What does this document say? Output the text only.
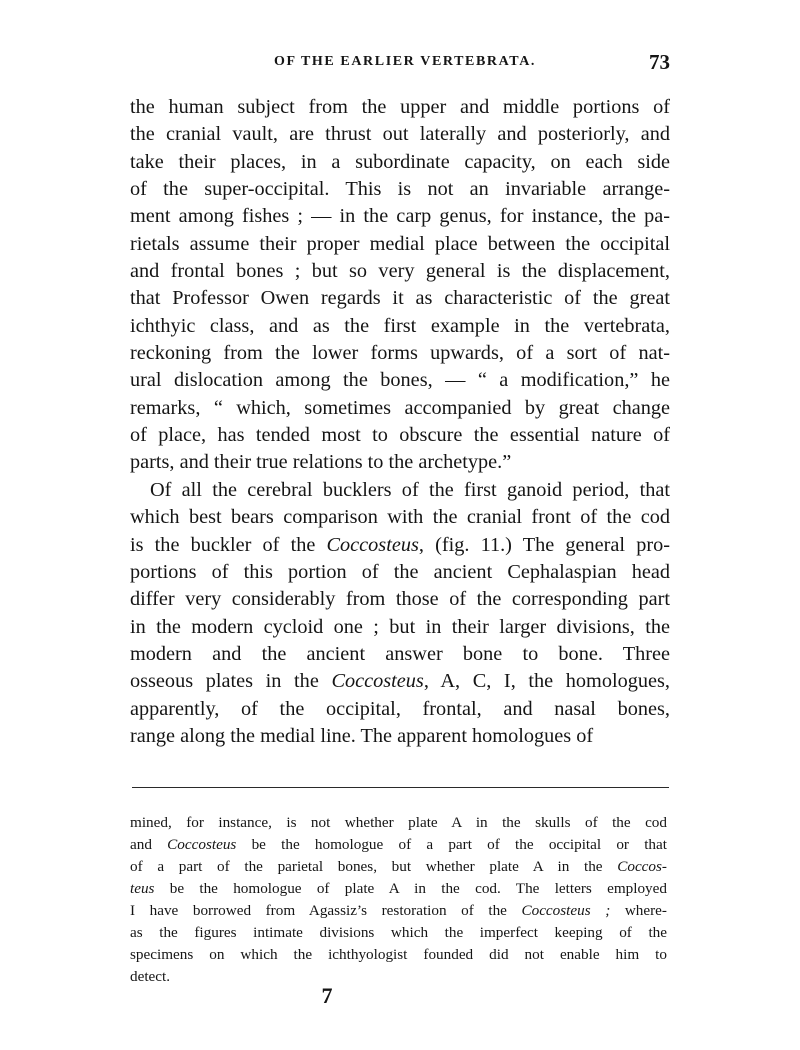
OF THE EARLIER VERTEBRATA.	73
the human subject from the upper and middle portions of
the cranial vault, are thrust out laterally and posteriorly, and
take their places, in a subordinate capacity, on each side
of the super-occipital. This is not an invariable arrange-
ment among fishes ; — in the carp genus, for instance, the pa-
rietals assume their proper medial place between the occipital
and frontal bones ; but so very general is the displacement,
that Professor Owen regards it as characteristic of the great
ichthyic class, and as the first example in the vertebrata,
reckoning from the lower forms upwards, of a sort of nat-
ural dislocation among the bones, — “ a modification,” he
remarks, “ which, sometimes accompanied by great change
of place, has tended most to obscure the essential nature of
parts, and their true relations to the archetype.”
Of all the cerebral bucklers of the first ganoid period, that
which best bears comparison with the cranial front of the cod
is the buckler of the Coccosteus, (fig. 11.) The general pro-
portions of this portion of the ancient Cephalaspian head
differ very considerably from those of the corresponding part
in the modern cycloid one ; but in their larger divisions, the
modern and the ancient answer bone to bone. Three
osseous plates in the Coccosteus, A, C, I, the homologues,
apparently, of the occipital, frontal, and nasal bones,
range along the medial line. The apparent homologues of
mined, for instance, is not whether plate A in the skulls of the cod
and Coccosteus be the homologue of a part of the occipital or that
of a part of the parietal bones, but whether plate A in the Coccos-
teus be the homologue of plate A in the cod. The letters employed
I have borrowed from Agassiz’s restoration of the Coccosteus ; where-
as the figures intimate divisions which the imperfect keeping of the
specimens on which the ichthyologist founded did not enable him to
detect.
7
